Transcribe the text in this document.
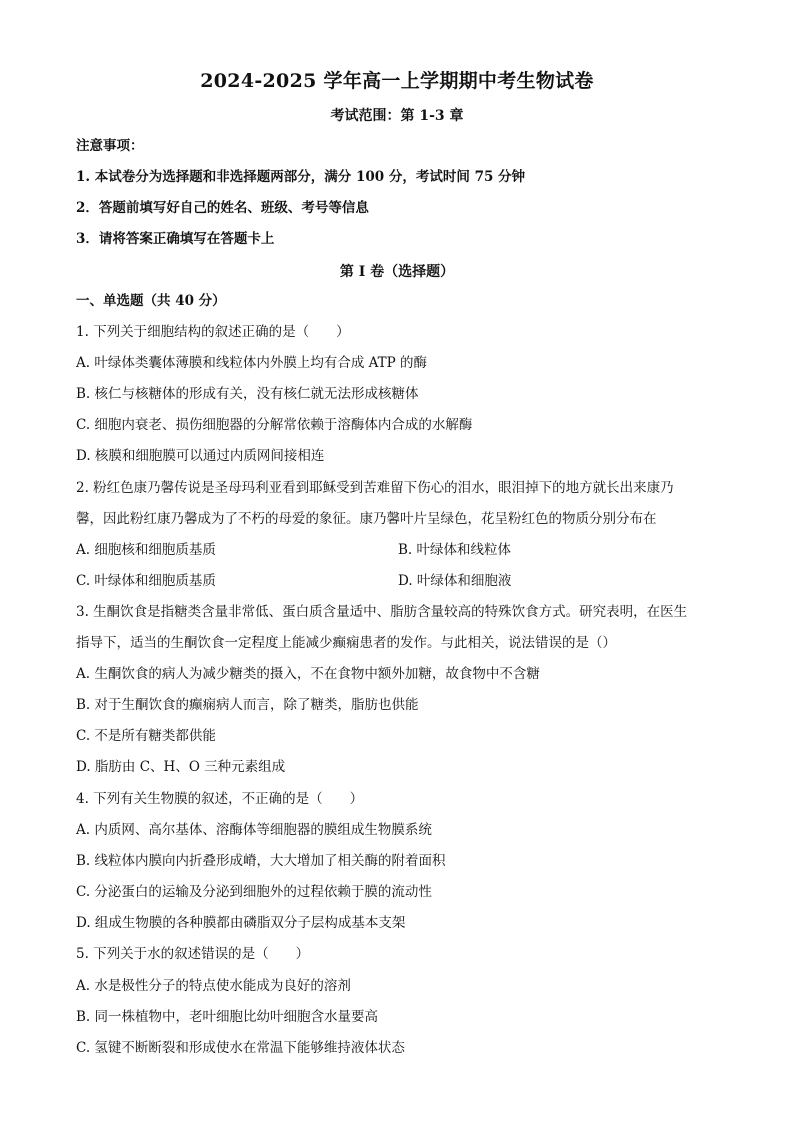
2024-2025 学年高一上学期期中考生物试卷
考试范围：第 1-3 章
注意事项：
1. 本试卷分为选择题和非选择题两部分，满分 100 分，考试时间 75 分钟
2．答题前填写好自己的姓名、班级、考号等信息
3．请将答案正确填写在答题卡上
第 I 卷（选择题）
一、单选题（共 40 分）
1. 下列关于细胞结构的叙述正确的是（　　）
A. 叶绿体类囊体薄膜和线粒体内外膜上均有合成 ATP 的酶
B. 核仁与核糖体的形成有关，没有核仁就无法形成核糖体
C. 细胞内衰老、损伤细胞器的分解常依赖于溶酶体内合成的水解酶
D. 核膜和细胞膜可以通过内质网间接相连
2. 粉红色康乃馨传说是圣母玛利亚看到耶稣受到苦难留下伤心的泪水，眼泪掉下的地方就长出来康乃
馨，因此粉红康乃馨成为了不朽的母爱的象征。康乃馨叶片呈绿色，花呈粉红色的物质分别分布在
A. 细胞核和细胞质基质	B. 叶绿体和线粒体
C. 叶绿体和细胞质基质	D. 叶绿体和细胞液
3. 生酮饮食是指糖类含量非常低、蛋白质含量适中、脂肪含量较高的特殊饮食方式。研究表明，在医生
指导下，适当的生酮饮食一定程度上能减少癫痫患者的发作。与此相关，说法错误的是（）
A. 生酮饮食的病人为减少糖类的摄入，不在食物中额外加糖，故食物中不含糖
B. 对于生酮饮食的癫痫病人而言，除了糖类，脂肪也供能
C. 不是所有糖类都供能
D. 脂肪由 C、H、O 三种元素组成
4. 下列有关生物膜的叙述，不正确的是（　　）
A. 内质网、高尔基体、溶酶体等细胞器的膜组成生物膜系统
B. 线粒体内膜向内折叠形成嵴，大大增加了相关酶的附着面积
C. 分泌蛋白的运输及分泌到细胞外的过程依赖于膜的流动性
D. 组成生物膜的各种膜都由磷脂双分子层构成基本支架
5. 下列关于水的叙述错误的是（　　）
A. 水是极性分子的特点使水能成为良好的溶剂
B. 同一株植物中，老叶细胞比幼叶细胞含水量要高
C. 氢键不断断裂和形成使水在常温下能够维持液体状态
